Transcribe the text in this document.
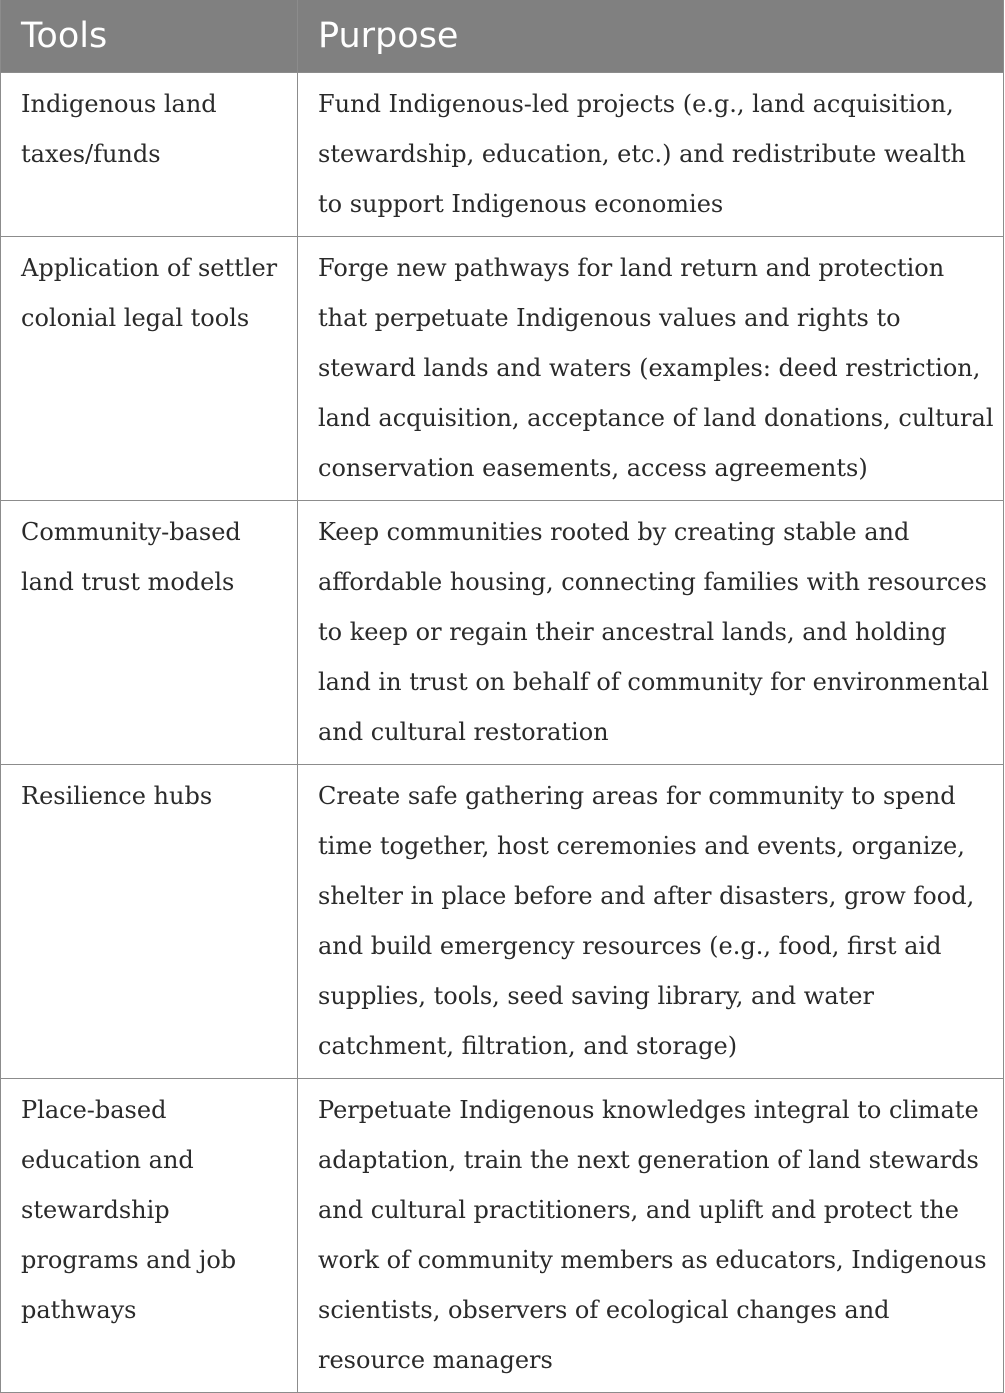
Tools	Purpose
Indigenous land taxes/funds	Fund Indigenous-led projects (e.g., land acquisition, stewardship, education, etc.) and redistribute wealth to support Indigenous economies
Application of settler colonial legal tools	Forge new pathways for land return and protection that perpetuate Indigenous values and rights to steward lands and waters (examples: deed restriction, land acquisition, acceptance of land donations, cultural conservation easements, access agreements)
Community-based land trust models	Keep communities rooted by creating stable and affordable housing, connecting families with resources to keep or regain their ancestral lands, and holding land in trust on behalf of community for environmental and cultural restoration
Resilience hubs	Create safe gathering areas for community to spend time together, host ceremonies and events, organize, shelter in place before and after disasters, grow food, and build emergency resources (e.g., food, first aid supplies, tools, seed saving library, and water catchment, filtration, and storage)
Place-based education and stewardship programs and job pathways	Perpetuate Indigenous knowledges integral to climate adaptation, train the next generation of land stewards and cultural practitioners, and uplift and protect the work of community members as educators, Indigenous scientists, observers of ecological changes and resource managers
